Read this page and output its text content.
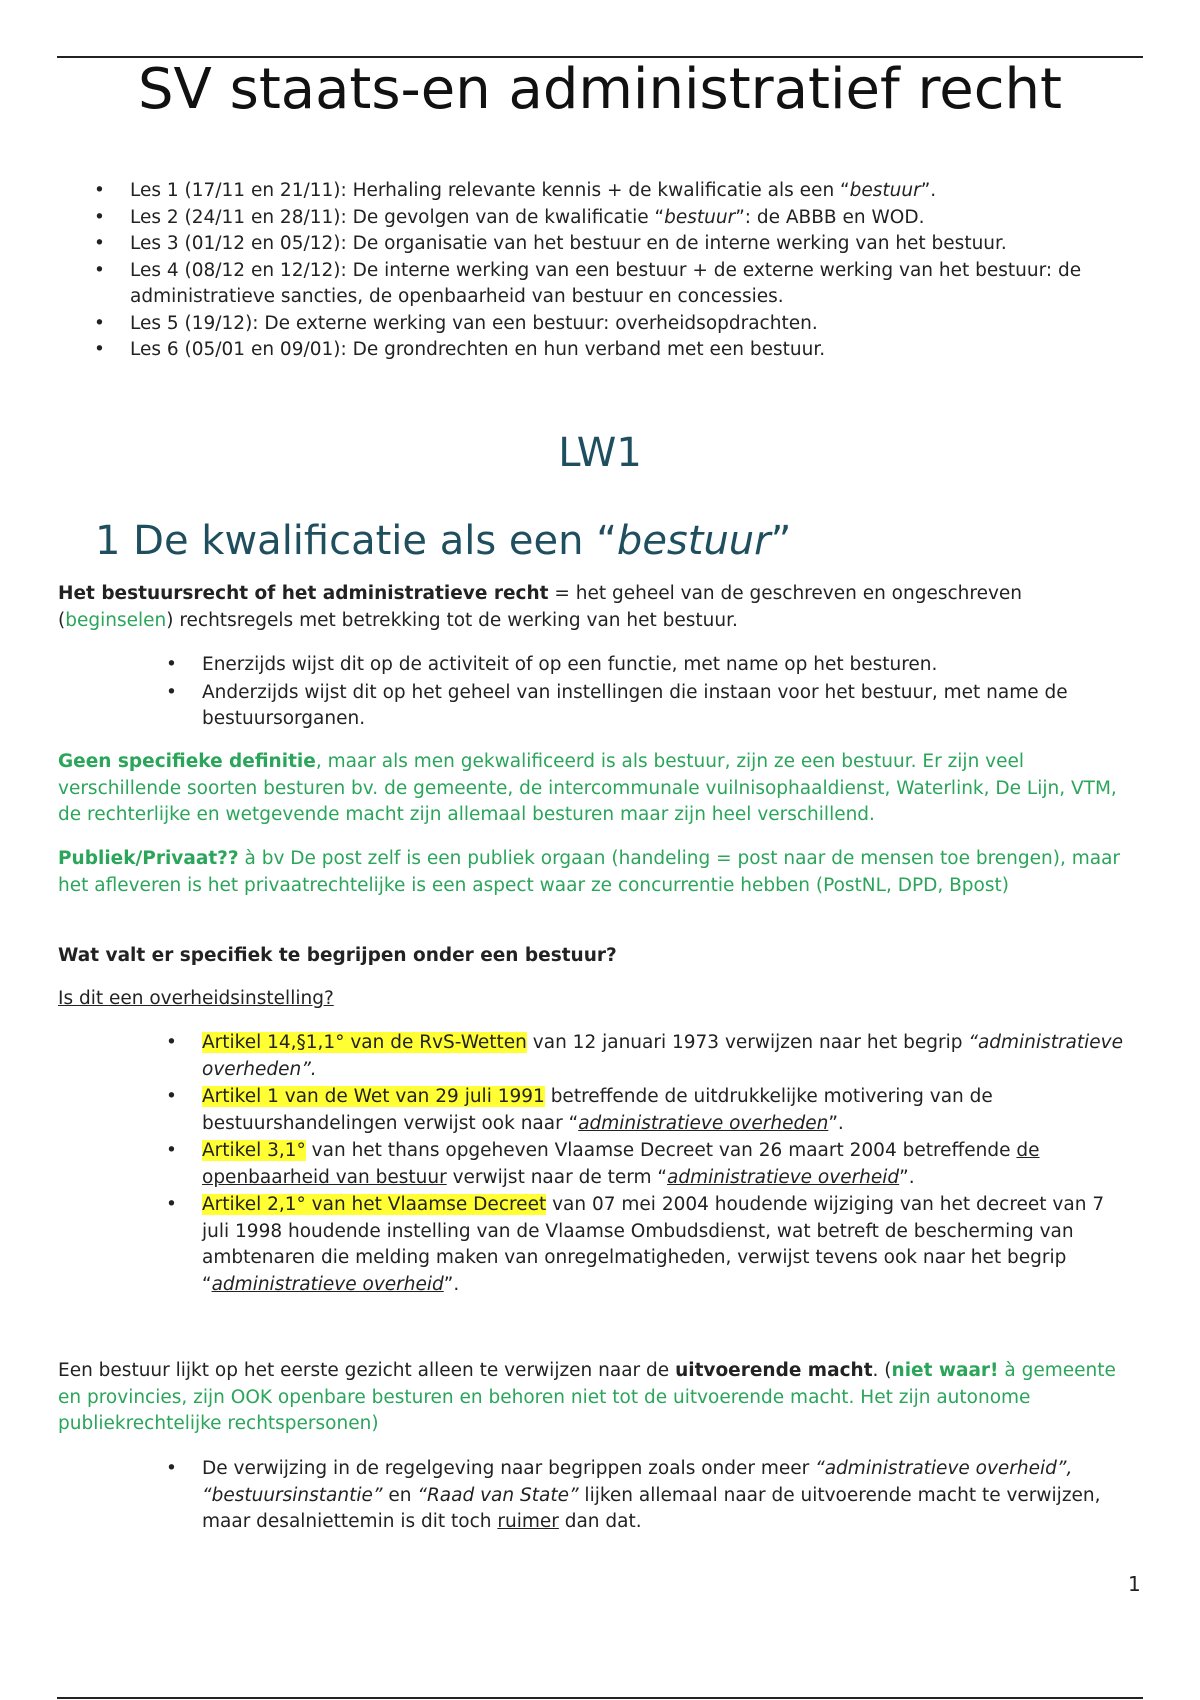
SV staats-en administratief recht
• Les 1 (17/11 en 21/11): Herhaling relevante kennis + de kwalificatie als een “bestuur”.
• Les 2 (24/11 en 28/11): De gevolgen van de kwalificatie “bestuur”: de ABBB en WOD.
• Les 3 (01/12 en 05/12): De organisatie van het bestuur en de interne werking van het bestuur.
• Les 4 (08/12 en 12/12): De interne werking van een bestuur + de externe werking van het bestuur: de administratieve sancties, de openbaarheid van bestuur en concessies.
• Les 5 (19/12): De externe werking van een bestuur: overheidsopdrachten.
• Les 6 (05/01 en 09/01): De grondrechten en hun verband met een bestuur.
LW1
1 De kwalificatie als een “bestuur”

Het bestuursrecht of het administratieve recht = het geheel van de geschreven en ongeschreven (beginselen) rechtsregels met betrekking tot de werking van het bestuur.

• Enerzijds wijst dit op de activiteit of op een functie, met name op het besturen.
• Anderzijds wijst dit op het geheel van instellingen die instaan voor het bestuur, met name de bestuursorganen.

Geen specifieke definitie, maar als men gekwalificeerd is als bestuur, zijn ze een bestuur. Er zijn veel verschillende soorten besturen bv. de gemeente, de intercommunale vuilnisophaaldienst, Waterlink, De Lijn, VTM, de rechterlijke en wetgevende macht zijn allemaal besturen maar zijn heel verschillend.

Publiek/Privaat?? à bv De post zelf is een publiek orgaan (handeling = post naar de mensen toe brengen), maar het afleveren is het privaatrechtelijke is een aspect waar ze concurrentie hebben (PostNL, DPD, Bpost)

Wat valt er specifiek te begrijpen onder een bestuur?

Is dit een overheidsinstelling?

• Artikel 14,§1,1° van de RvS-Wetten van 12 januari 1973 verwijzen naar het begrip “administratieve overheden”.
• Artikel 1 van de Wet van 29 juli 1991 betreffende de uitdrukkelijke motivering van de bestuurshandelingen verwijst ook naar “administratieve overheden”.
• Artikel 3,1° van het thans opgeheven Vlaamse Decreet van 26 maart 2004 betreffende de openbaarheid van bestuur verwijst naar de term “administratieve overheid”.
• Artikel 2,1° van het Vlaamse Decreet van 07 mei 2004 houdende wijziging van het decreet van 7 juli 1998 houdende instelling van de Vlaamse Ombudsdienst, wat betreft de bescherming van ambtenaren die melding maken van onregelmatigheden, verwijst tevens ook naar het begrip “administratieve overheid”.

Een bestuur lijkt op het eerste gezicht alleen te verwijzen naar de uitvoerende macht. (niet waar! à gemeente en provincies, zijn OOK openbare besturen en behoren niet tot de uitvoerende macht. Het zijn autonome publiekrechtelijke rechtspersonen)

• De verwijzing in de regelgeving naar begrippen zoals onder meer “administratieve overheid”, “bestuursinstantie” en “Raad van State” lijken allemaal naar de uitvoerende macht te verwijzen, maar desalniettemin is dit toch ruimer dan dat.
1
